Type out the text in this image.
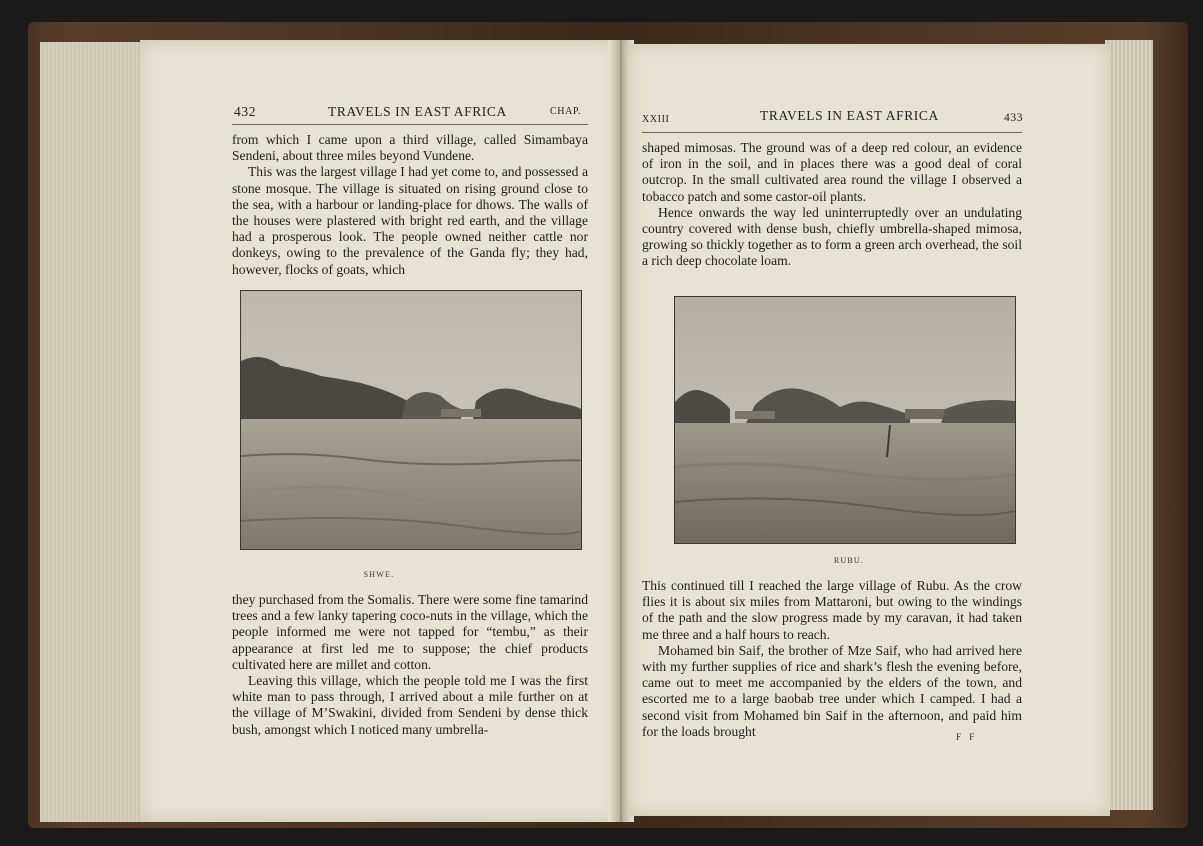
432	TRAVELS IN EAST AFRICA	CHAP.

from which I came upon a third village, called Simambaya Sendeni, about three miles beyond Vundene.

This was the largest village I had yet come to, and possessed a stone mosque. The village is situated on rising ground close to the sea, with a harbour or landing-place for dhows. The walls of the houses were plastered with bright red earth, and the village had a prosperous look. The people owned neither cattle nor donkeys, owing to the prevalence of the Ganda fly; they had, however, flocks of goats, which

SHWE.

they purchased from the Somalis. There were some fine tamarind trees and a few lanky tapering coco-nuts in the village, which the people informed me were not tapped for “tembu,” as their appearance at first led me to suppose; the chief products cultivated here are millet and cotton.

Leaving this village, which the people told me I was the first white man to pass through, I arrived about a mile further on at the village of M’Swakini, divided from Sendeni by dense thick bush, amongst which I noticed many umbrella-

XXIII	TRAVELS IN EAST AFRICA	433

shaped mimosas. The ground was of a deep red colour, an evidence of iron in the soil, and in places there was a good deal of coral outcrop. In the small cultivated area round the village I observed a tobacco patch and some castor-oil plants.

Hence onwards the way led uninterruptedly over an undulating country covered with dense bush, chiefly umbrella-shaped mimosa, growing so thickly together as to form a green arch overhead, the soil a rich deep chocolate loam.

RUBU.

This continued till I reached the large village of Rubu. As the crow flies it is about six miles from Mattaroni, but owing to the windings of the path and the slow progress made by my caravan, it had taken me three and a half hours to reach.

Mohamed bin Saif, the brother of Mze Saif, who had arrived here with my further supplies of rice and shark’s flesh the evening before, came out to meet me accompanied by the elders of the town, and escorted me to a large baobab tree under which I camped. I had a second visit from Mohamed bin Saif in the afternoon, and paid him for the loads brought	F F
